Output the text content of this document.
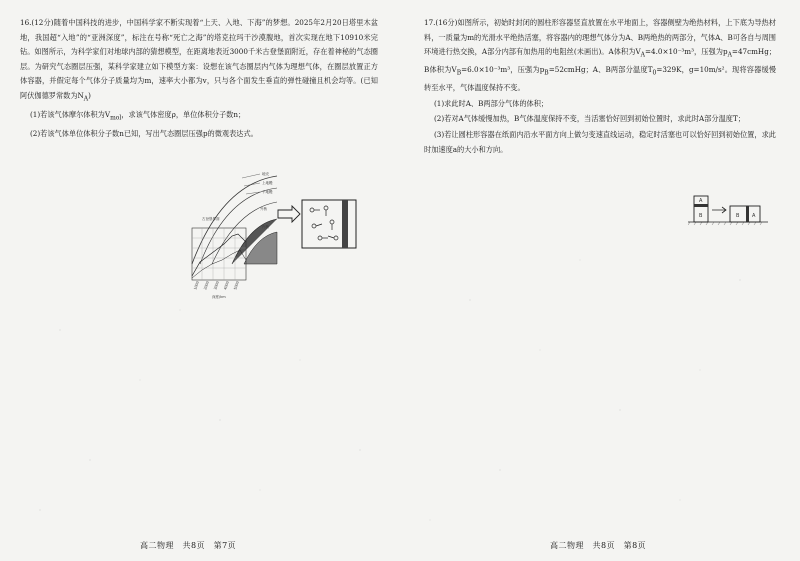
16.(12分)随着中国科技的进步，中国科学家不断实现着“上天、入地、下海”的梦想。2025年2月20日塔里木盆地，我国超“入地”的“亚洲深度”，标注在号称“死亡之海”的塔克拉玛干沙漠腹地，首次实现在地下10910米完钻。如图所示，为科学家们对地球内部的猜想模型，在距离地表近3000千米古登堡面附近，存在着神秘的气态圈层。为研究气态圈层压强，某科学家建立如下模型方案：设想在该气态圈层内气体为理想气体，在圈层放置正方体容器，并假定每个气体分子质量均为m，速率大小都为v，只与各个面发生垂直的弹性碰撞且机会均等。(已知阿伏伽德罗常数为$N_A$)

(1)若该气体摩尔体积为$V_{mol}$，求该气体密度ρ，单位体积分子数n；

(2)若该气体单位体积分子数n已知，写出气态圈层压强p的微观表达式。

地壳
上地幔
下地幔
古登堡界面
外核
内核
1000 2000 3000 4000 5000
深度/km
高二物理　共8页　第7页

17.(16分)如图所示，初始时封闭的圆柱形容器竖直放置在水平地面上，容器侧壁为绝热材料，上下底为导热材料，一质量为m的光滑水平绝热活塞，将容器内的理想气体分为A、B两绝热的两部分，气体A、B可各自与周围环境进行热交换，A部分内部有加热用的电阻丝(未画出)。A体积为$V_A=4.0\times 10^{-3}m^3$，压强为$p_A=47cmHg$；B体积为$V_B=6.0\times 10^{-3}m^3$，压强为$p_B=52cmHg$；A、B两部分温度$T_0=329K$，g=10m/s²。现将容器缓慢转至水平，气体温度保持不变。

(1)求此时A、B两部分气体的体积；

(2)若对A气体缓慢加热，B气体温度保持不变，当活塞恰好回到初始位置时，求此时A部分温度T；

(3)若让圆柱形容器在纸面内沿水平面方向上做匀变速直线运动，稳定时活塞也可以恰好回到初始位置，求此时加速度a的大小和方向。

A
B	B	A
高二物理　共8页　第8页
